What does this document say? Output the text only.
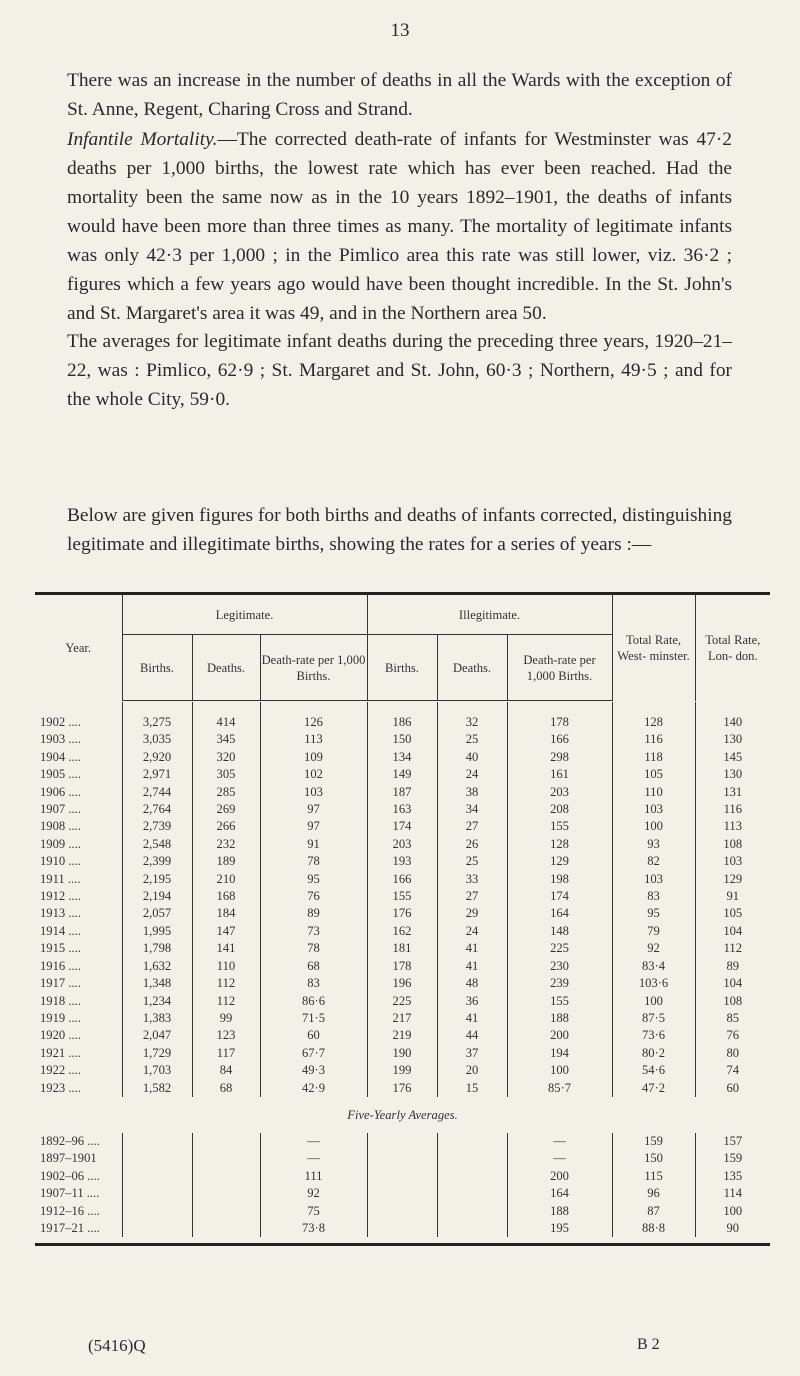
13

There was an increase in the number of deaths in all the Wards with the exception of St. Anne, Regent, Charing Cross and Strand.

Infantile Mortality.—The corrected death-rate of infants for Westminster was 47·2 deaths per 1,000 births, the lowest rate which has ever been reached. Had the mortality been the same now as in the 10 years 1892–1901, the deaths of infants would have been more than three times as many. The mortality of legitimate infants was only 42·3 per 1,000 ; in the Pimlico area this rate was still lower, viz. 36·2 ; figures which a few years ago would have been thought incredible. In the St. John's and St. Margaret's area it was 49, and in the Northern area 50.

The averages for legitimate infant deaths during the preceding three years, 1920–21–22, was : Pimlico, 62·9 ; St. Margaret and St. John, 60·3 ; Northern, 49·5 ; and for the whole City, 59·0.

Below are given figures for both births and deaths of infants corrected, distinguishing legitimate and illegitimate births, showing the rates for a series of years :—

Year.	Legitimate.			Illegitimate.			Total Rate, West- minster.	Total Rate, Lon- don.
	Births.	Deaths.	Death-rate per 1,000 Births.	Births.	Deaths.	Death-rate per 1,000 Births.		

1902 ....	3,275	414	126	186	32	178	128	140
1903 ....	3,035	345	113	150	25	166	116	130
1904 ....	2,920	320	109	134	40	298	118	145
1905 ....	2,971	305	102	149	24	161	105	130
1906 ....	2,744	285	103	187	38	203	110	131
1907 ....	2,764	269	97	163	34	208	103	116
1908 ....	2,739	266	97	174	27	155	100	113
1909 ....	2,548	232	91	203	26	128	93	108
1910 ....	2,399	189	78	193	25	129	82	103
1911 ....	2,195	210	95	166	33	198	103	129
1912 ....	2,194	168	76	155	27	174	83	91
1913 ....	2,057	184	89	176	29	164	95	105
1914 ....	1,995	147	73	162	24	148	79	104
1915 ....	1,798	141	78	181	41	225	92	112
1916 ....	1,632	110	68	178	41	230	83·4	89
1917 ....	1,348	112	83	196	48	239	103·6	104
1918 ....	1,234	112	86·6	225	36	155	100	108
1919 ....	1,383	99	71·5	217	41	188	87·5	85
1920 ....	2,047	123	60	219	44	200	73·6	76
1921 ....	1,729	117	67·7	190	37	194	80·2	80
1922 ....	1,703	84	49·3	199	20	100	54·6	74
1923 ....	1,582	68	42·9	176	15	85·7	47·2	60
Five-Yearly Averages.								
1892–96 ....			—			—	159	157
1897–1901			—			—	150	159
1902–06 ....			111			200	115	135
1907–11 ....			92			164	96	114
1912–16 ....			75			188	87	100
1917–21 ....			73·8			195	88·8	90

(5416)Q	B 2
